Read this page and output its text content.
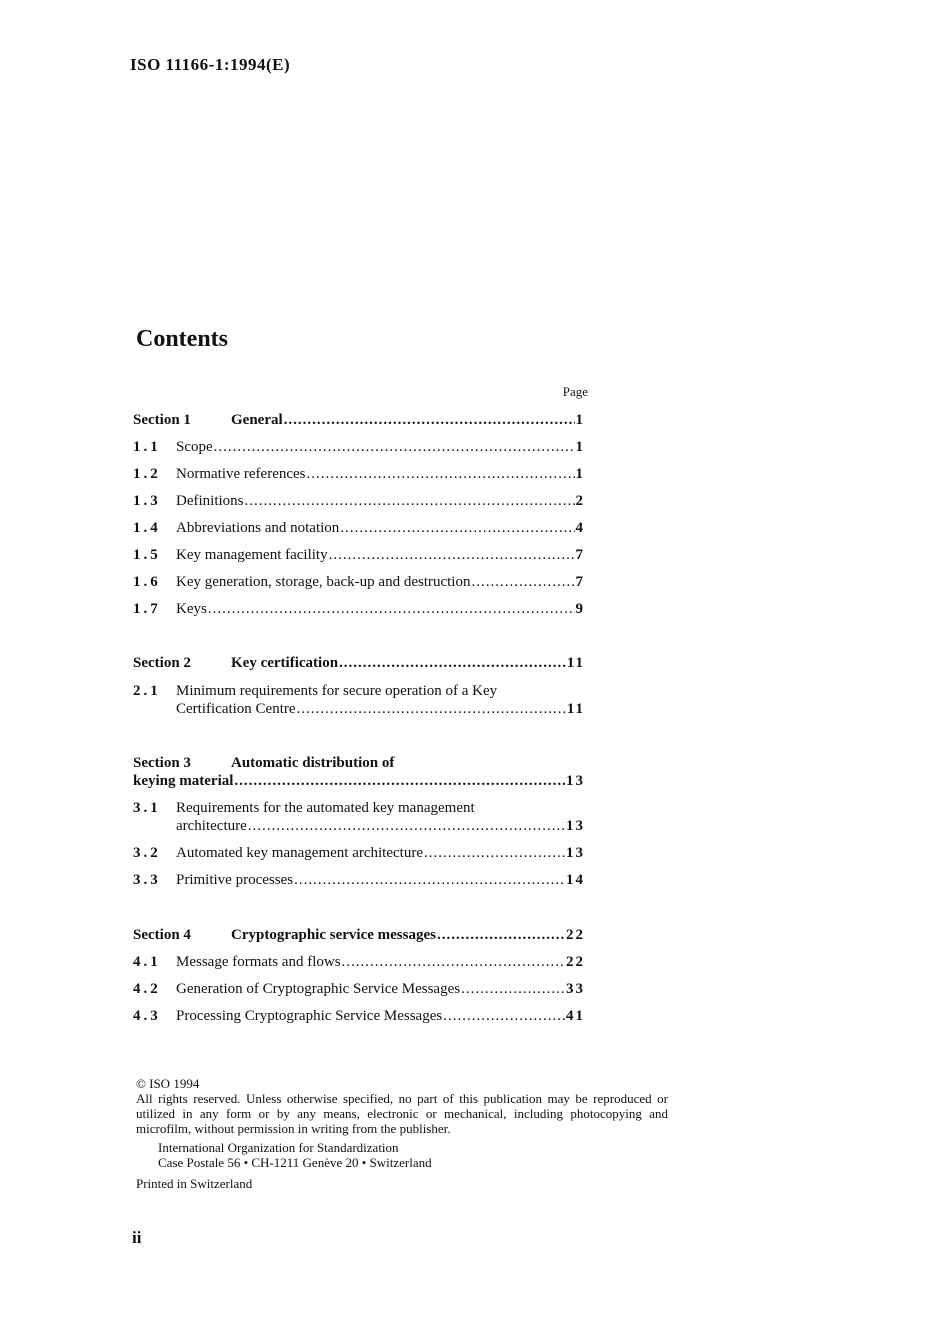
ISO 11166-1:1994(E)
Contents
Page
Section 1	General .....	1
1.1	Scope .....	1
1.2	Normative references .....	1
1.3	Definitions .....	2
1.4	Abbreviations and notation .....	4
1.5	Key management facility .....	7
1.6	Key generation, storage, back-up and destruction .....	7
1.7	Keys .....	9
Section 2	Key certification .....	11
2.1	Minimum requirements for secure operation of a Key
Certification Centre .....	11
Section 3	Automatic distribution of
keying material .....	13
3.1	Requirements for the automated key management
architecture .....	13
3.2	Automated key management architecture .....	13
3.3	Primitive processes .....	14
Section 4	Cryptographic service messages .....	22
4.1	Message formats and flows .....	22
4.2	Generation of Cryptographic Service Messages .....	33
4.3	Processing Cryptographic Service Messages .....	41

© ISO 1994

All rights reserved. Unless otherwise specified, no part of this publication may be reproduced or

utilized in any form or by any means, electronic or mechanical, including photocopying and

microfilm, without permission in writing from the publisher.

International Organization for Standardization

Case Postale 56 • CH-1211 Genève 20 • Switzerland

Printed in Switzerland

ii
